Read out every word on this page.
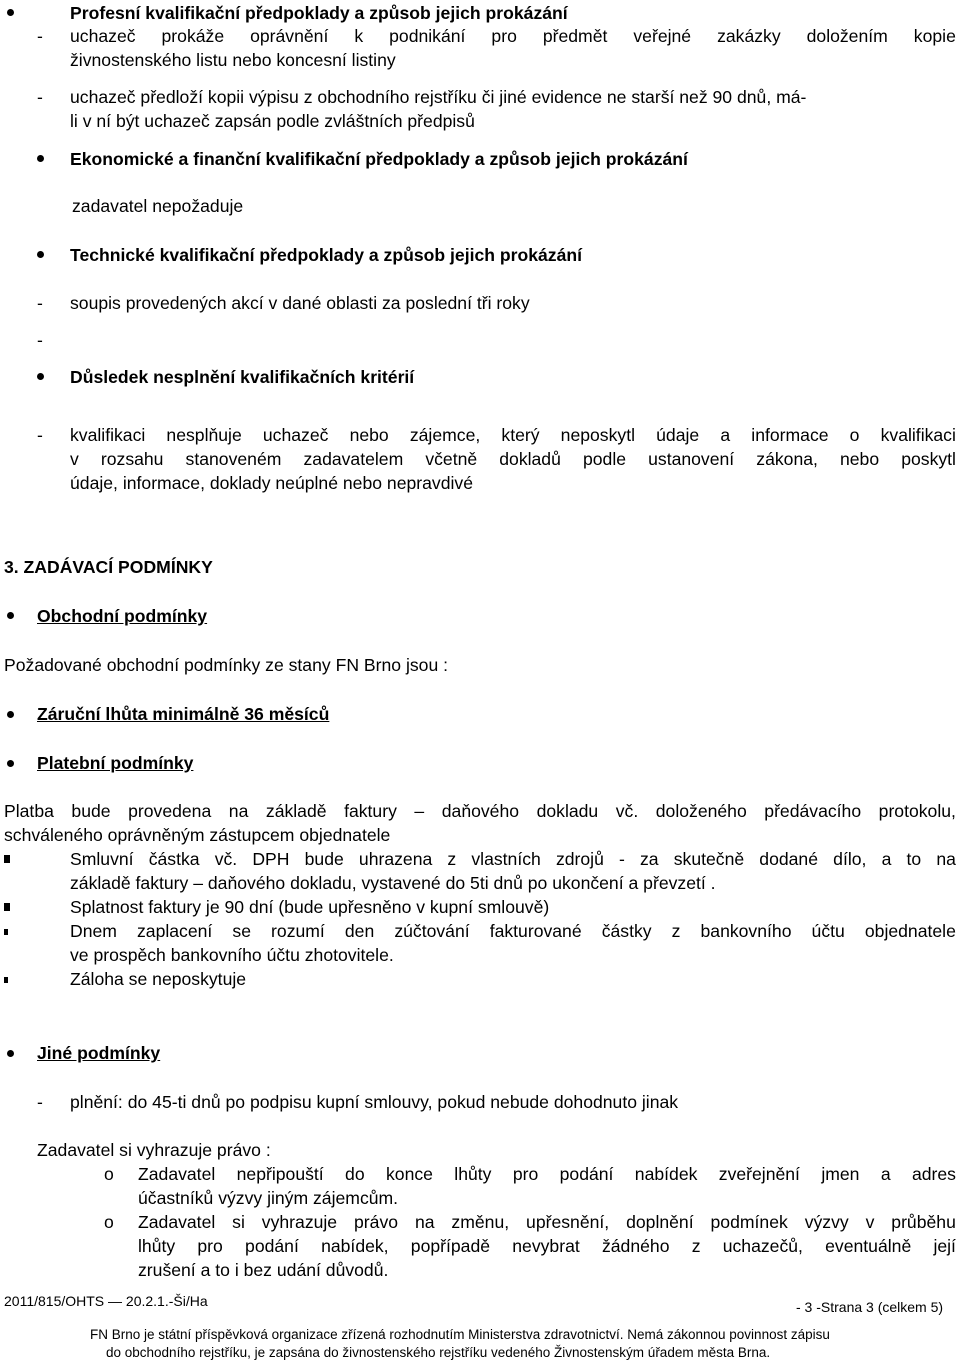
Profesní kvalifikační předpoklady a způsob jejich prokázání

- uchazeč prokáže oprávnění k podnikání pro předmět veřejné zakázky doložením kopie

živnostenského listu nebo koncesní listiny

- uchazeč předloží kopii výpisu z obchodního rejstříku či jiné evidence ne starší než 90 dnů, má-

li v ní být uchazeč zapsán podle zvláštních předpisů

Ekonomické a finanční kvalifikační předpoklady a způsob jejich prokázání

zadavatel nepožaduje

Technické kvalifikační předpoklady a způsob jejich prokázání

- soupis provedených akcí v dané oblasti za poslední tři roky

-

Důsledek nesplnění kvalifikačních kritérií

- kvalifikaci nesplňuje uchazeč nebo zájemce, který neposkytl údaje a informace o kvalifikaci
v rozsahu stanoveném zadavatelem včetně dokladů podle ustanovení zákona, nebo poskytl

údaje, informace, doklady neúplné nebo nepravdivé

3. ZADÁVACÍ PODMÍNKY

Obchodní podmínky

Požadované obchodní podmínky ze stany FN Brno jsou :

Záruční lhůta minimálně 36 měsíců

Platební podmínky

Platba bude provedena na základě faktury – daňového dokladu vč. doloženého předávacího protokolu,

schváleného oprávněným zástupcem objednatele

Smluvní částka vč. DPH bude uhrazena z vlastních zdrojů - za skutečně dodané dílo, a to na

základě faktury – daňového dokladu, vystavené do 5ti dnů po ukončení a převzetí .

Splatnost faktury je 90 dní (bude upřesněno v kupní smlouvě)

Dnem zaplacení se rozumí den zúčtování fakturované částky z bankovního účtu objednatele

ve prospěch bankovního účtu zhotovitele.

Záloha se neposkytuje

Jiné podmínky

- plnění: do 45-ti dnů po podpisu kupní smlouvy, pokud nebude dohodnuto jinak

Zadavatel si vyhrazuje právo :

o Zadavatel nepřipouští do konce lhůty pro podání nabídek zveřejnění jmen a adres

účastníků výzvy jiným zájemcům.

o Zadavatel si vyhrazuje právo na změnu, upřesnění, doplnění podmínek výzvy v průběhu
lhůty pro podání nabídek, popřípadě nevybrat žádného z uchazečů, eventuálně její

zrušení a to i bez udání důvodů.

2011/815/OHTS — 20.2.1.-Ši/Ha	- 3 -Strana 3 (celkem 5)

FN Brno je státní příspěvková organizace zřízená rozhodnutím Ministerstva zdravotnictví. Nemá zákonnou povinnost zápisu

do obchodního rejstříku, je zapsána do živnostenského rejstříku vedeného Živnostenským úřadem města Brna.
